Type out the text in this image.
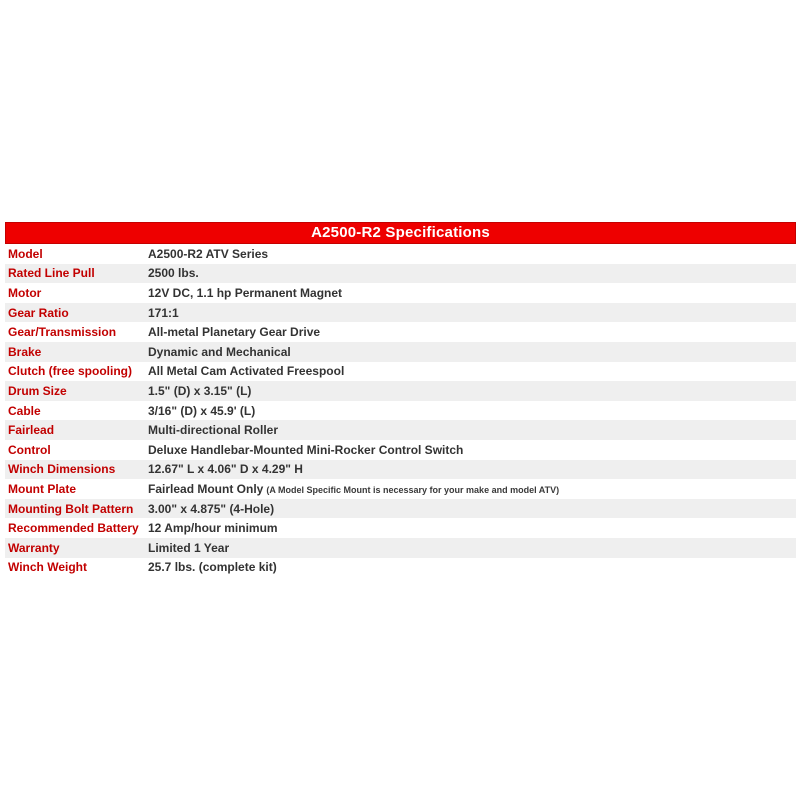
A2500-R2 Specifications
Model	A2500-R2 ATV Series
Rated Line Pull	2500 lbs.
Motor	12V DC, 1.1 hp Permanent Magnet
Gear Ratio	171:1
Gear/Transmission	All-metal Planetary Gear Drive
Brake	Dynamic and Mechanical
Clutch (free spooling)	All Metal Cam Activated Freespool
Drum Size	1.5" (D) x 3.15" (L)
Cable	3/16" (D) x 45.9' (L)
Fairlead	Multi-directional Roller
Control	Deluxe Handlebar-Mounted Mini-Rocker Control Switch
Winch Dimensions	12.67" L x 4.06" D x 4.29" H
Mount Plate	Fairlead Mount Only (A Model Specific Mount is necessary for your make and model ATV)
Mounting Bolt Pattern	3.00" x 4.875" (4-Hole)
Recommended Battery 12 Amp/hour minimum
Warranty	Limited 1 Year
Winch Weight	25.7 lbs. (complete kit)
